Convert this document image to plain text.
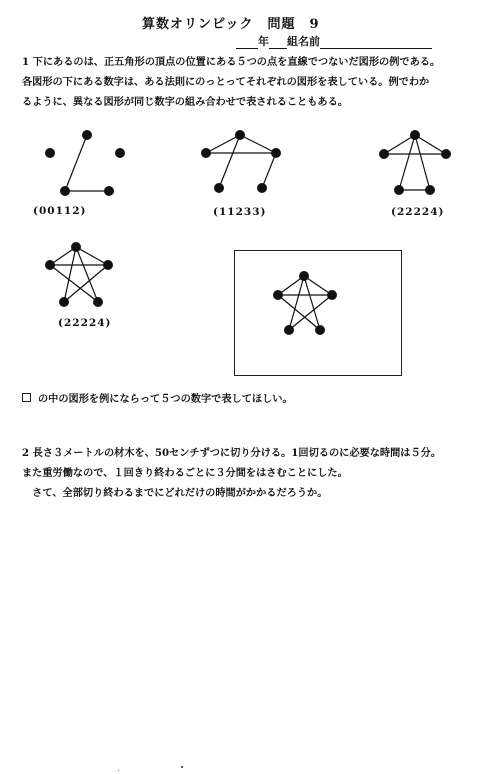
算数オリンピック　問題　9
年 組名前
1 下にあるのは、正五角形の頂点の位置にある５つの点を直線でつないだ図形の例である。
各図形の下にある数字は、ある法則にのっとってそれぞれの図形を表している。例でわか
るように、異なる図形が同じ数字の組み合わせで表されることもある。
(00112)	(11233)	(22224)
(22224)
の中の図形を例にならって５つの数字で表してほしい。
2 長さ３メートルの材木を、50センチずつに切り分ける。1回切るのに必要な時間は５分。
また重労働なので、１回きり終わるごとに３分間をはさむことにした。
　さて、全部切り終わるまでにどれだけの時間がかかるだろうか。
